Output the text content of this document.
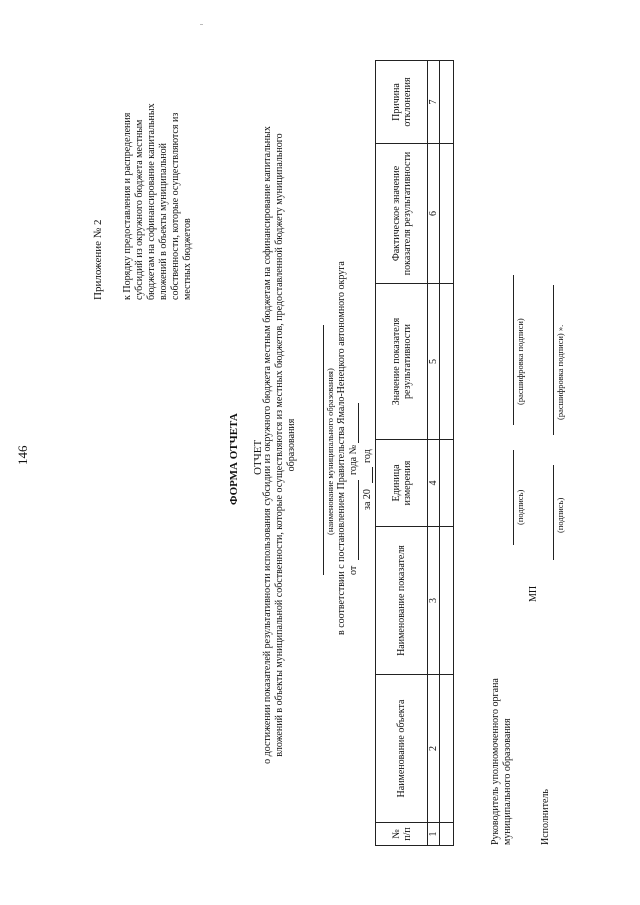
146
Приложение № 2 к Порядку предоставления и распределения субсидий из окружного бюджета местным бюджетам на софинансирование капитальных вложений в объекты муниципальной собственности, которые осуществляются из местных бюджетов
ФОРМА ОТЧЕТА ОТЧЕТ
о достижении показателей результативности использования субсидии из окружного бюджета местным бюджетам на софинансирование капитальных вложений в объекты муниципальной собственности, которые осуществляются из местных бюджетов, предоставленной бюджету муниципального образования	(наименование муниципального образования) в соответствии с постановлением Правительства Ямало-Ненецкого автономного округа от
года №
за 20
год
№ п/п	Наименование объекта	Наименование показателя	Единица измерения	Значение показателя результативности	Фактическое значение показателя результативности	Причина отклонения
1	2	3	4	5	6	7

Руководитель уполномоченного органа муниципального образования
(подпись)
(расшифровка подписи)
МП
Исполнитель
(подпись)
(расшифровка подписи) ».
